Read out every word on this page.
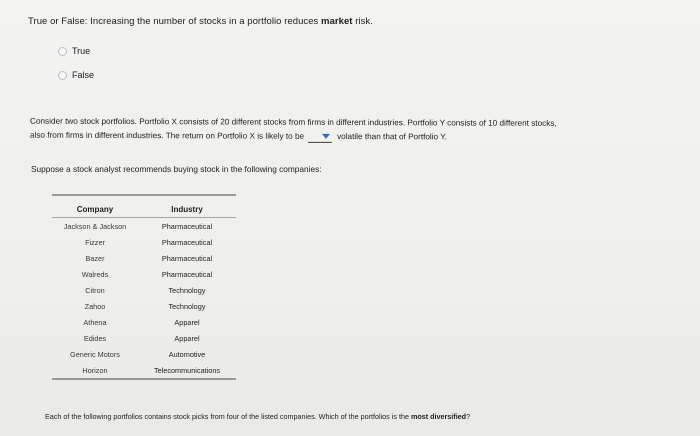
True or False: Increasing the number of stocks in a portfolio reduces market risk.
True
False
Consider two stock portfolios. Portfolio X consists of 20 different stocks from firms in different industries. Portfolio Y consists of 10 different stocks,
also from firms in different industries. The return on Portfolio X is likely to be	volatile than that of Portfolio Y.
Suppose a stock analyst recommends buying stock in the following companies:
Company	Industry
Jackson & Jackson	Pharmaceutical
Fizzer	Pharmaceutical
Bazer	Pharmaceutical
Walreds	Pharmaceutical
Citron	Technology
Zahoo	Technology
Athena	Apparel
Edides	Apparel
Generic Motors	Automotive
Horizon	Telecommunications
Each of the following portfolios contains stock picks from four of the listed companies. Which of the portfolios is the most diversified?
